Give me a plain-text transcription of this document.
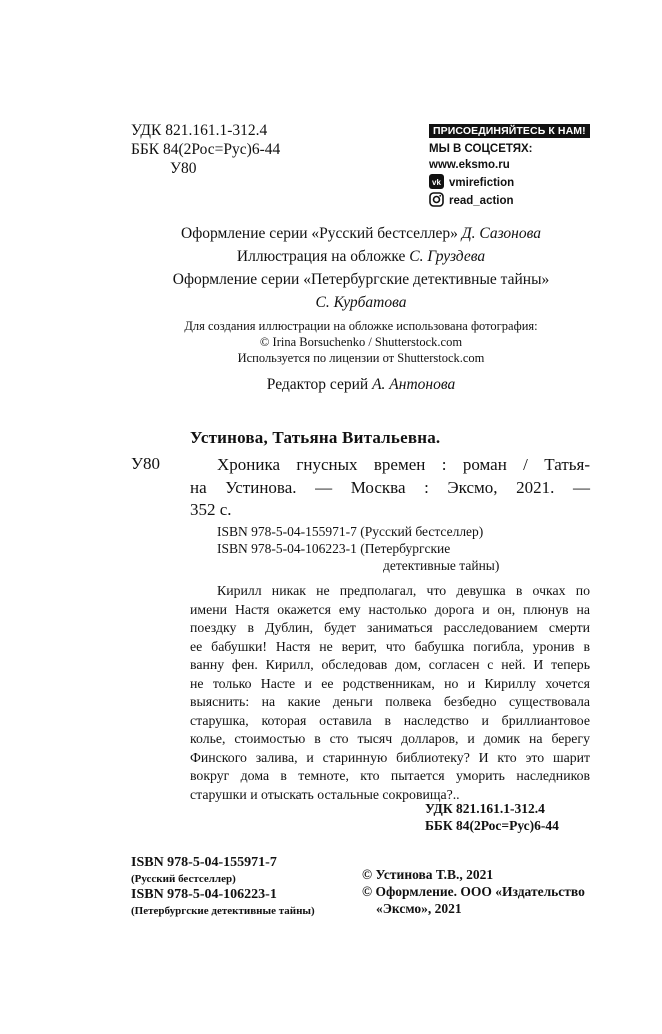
УДК 821.161.1-312.4
ББК 84(2Рос=Рус)6-44
У80
ПРИСОЕДИНЯЙТЕСЬ К НАМ!
МЫ В СОЦСЕТЯХ:
www.eksmo.ru
vk vmirefiction
read_action
Оформление серии «Русский бестселлер» Д. Сазонова
Иллюстрация на обложке С. Груздева
Оформление серии «Петербургские детективные тайны»
С. Курбатова
Для создания иллюстрации на обложке использована фотография:
© Irina Borsuchenko / Shutterstock.com
Используется по лицензии от Shutterstock.com
Редактор серий А. Антонова
Устинова, Татьяна Витальевна.
У80	Хроника гнусных времен : роман / Татья-
на Устинова. — Москва : Эксмо, 2021. —
352 с.
ISBN 978-5-04-155971-7 (Русский бестселлер)
ISBN 978-5-04-106223-1 (Петербургские
детективные тайны)
Кирилл никак не предполагал, что девушка в очках по
имени Настя окажется ему настолько дорога и он, плюнув на
поездку в Дублин, будет заниматься расследованием смерти
ее бабушки! Настя не верит, что бабушка погибла, уронив в
ванну фен. Кирилл, обследовав дом, согласен с ней. И теперь
не только Насте и ее родственникам, но и Кириллу хочется
выяснить: на какие деньги полвека безбедно существовала
старушка, которая оставила в наследство и бриллиантовое
колье, стоимостью в сто тысяч долларов, и домик на берегу
Финского залива, и старинную библиотеку? И кто это шарит
вокруг дома в темноте, кто пытается уморить наследников
старушки и отыскать остальные сокровища?..
УДК 821.161.1-312.4
ББК 84(2Рос=Рус)6-44
ISBN 978-5-04-155971-7
(Русский бестселлер)
ISBN 978-5-04-106223-1
(Петербургские детективные тайны)
© Устинова Т.В., 2021
© Оформление. ООО «Издательство
«Эксмо», 2021
